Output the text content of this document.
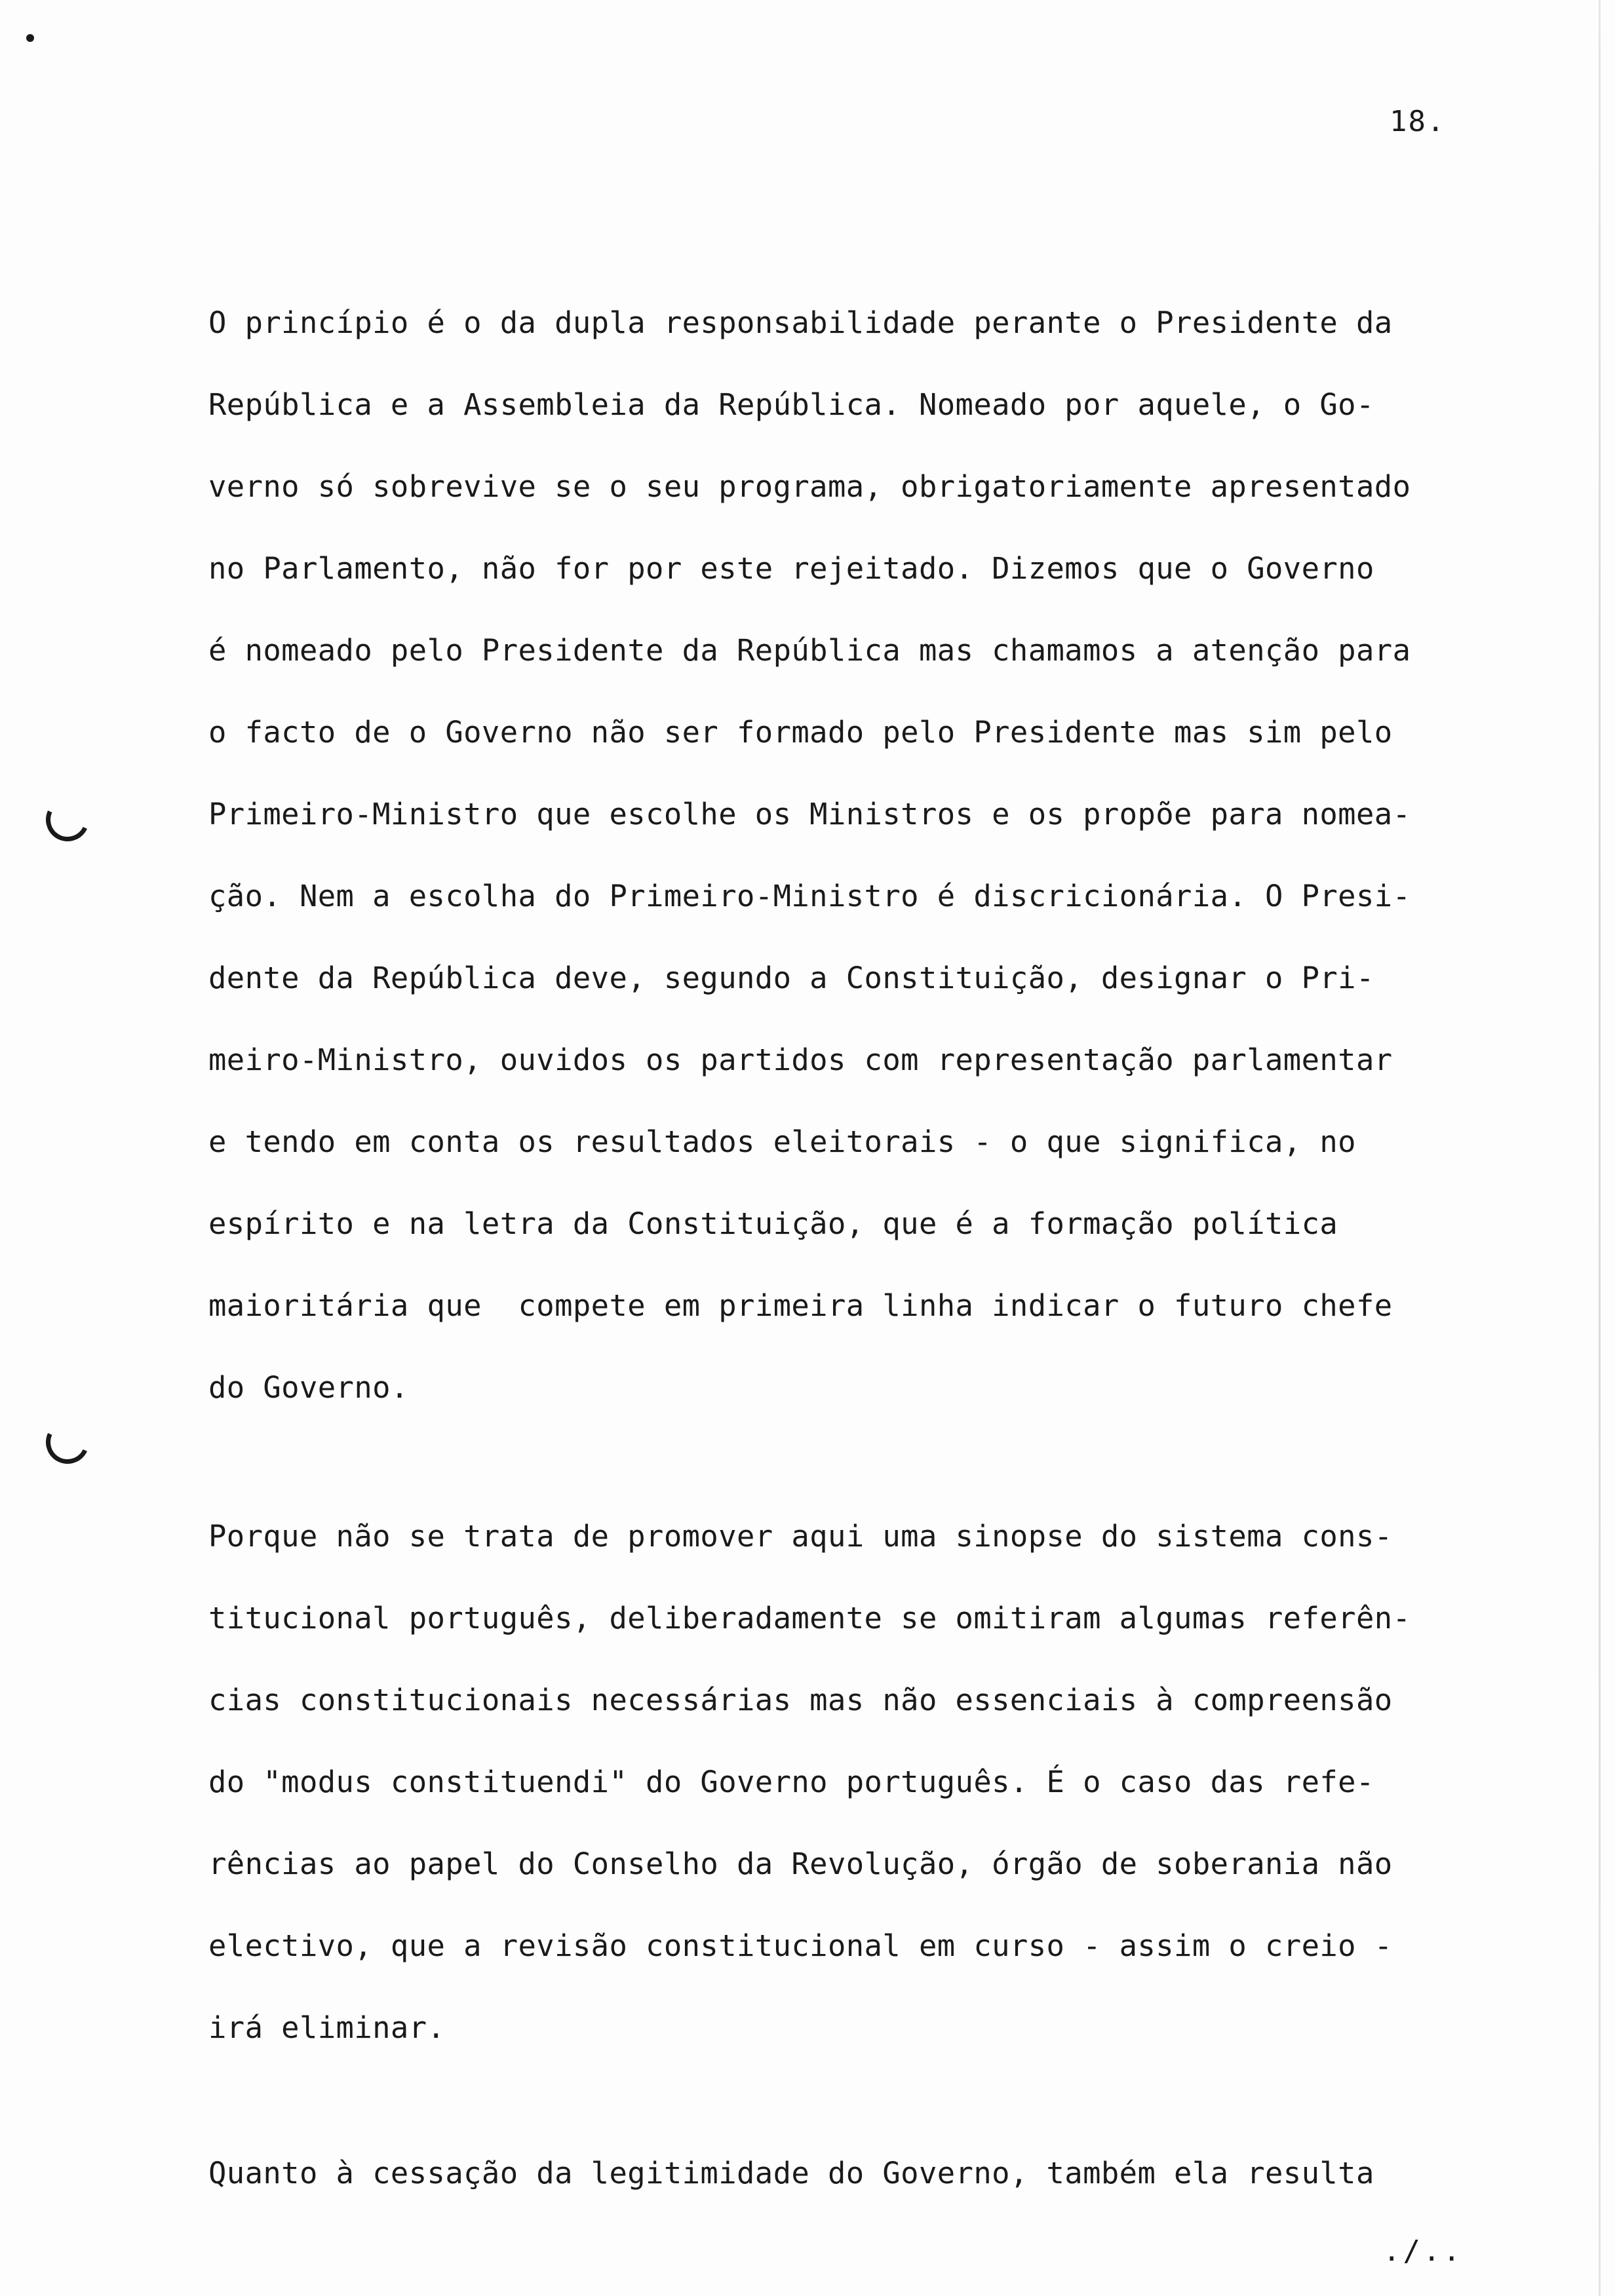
18.

O princípio é o da dupla responsabilidade perante o Presidente da
República e a Assembleia da República. Nomeado por aquele, o Go-
verno só sobrevive se o seu programa, obrigatoriamente apresentado
no Parlamento, não for por este rejeitado. Dizemos que o Governo
é nomeado pelo Presidente da República mas chamamos a atenção para
o facto de o Governo não ser formado pelo Presidente mas sim pelo
Primeiro-Ministro que escolhe os Ministros e os propõe para nomea-
ção. Nem a escolha do Primeiro-Ministro é discricionária. O Presi-
dente da República deve, segundo a Constituição, designar o Pri-
meiro-Ministro, ouvidos os partidos com representação parlamentar
e tendo em conta os resultados eleitorais - o que significa, no
espírito e na letra da Constituição, que é a formação política
maioritária que  compete em primeira linha indicar o futuro chefe
do Governo.

Porque não se trata de promover aqui uma sinopse do sistema cons-
titucional português, deliberadamente se omitiram algumas referên-
cias constitucionais necessárias mas não essenciais à compreensão
do "modus constituendi" do Governo português. É o caso das refe-
rências ao papel do Conselho da Revolução, órgão de soberania não
electivo, que a revisão constitucional em curso - assim o creio -
irá eliminar.

Quanto à cessação da legitimidade do Governo, também ela resulta

./..
